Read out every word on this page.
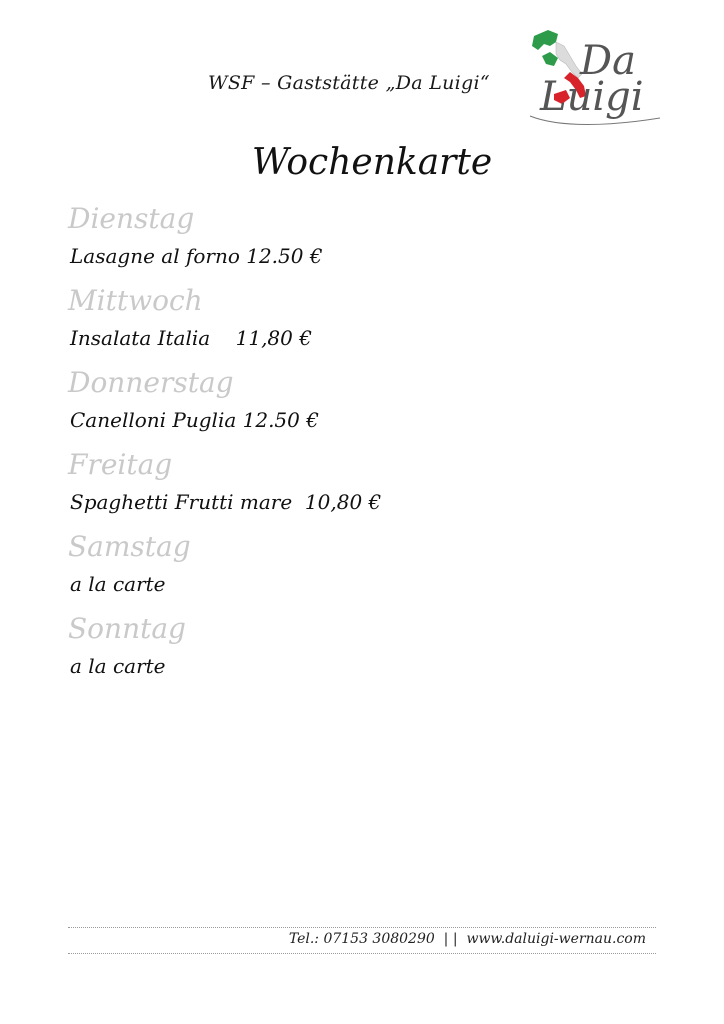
WSF – Gaststätte „Da Luigi“ Da
Luigi
Wochenkarte
Dienstag
Lasagne al forno 12.50 €
Mittwoch
Insalata Italia    11,80 €
Donnerstag
Canelloni Puglia 12.50 €
Freitag
Spaghetti Frutti mare  10,80 €
Samstag
a la carte
Sonntag
a la carte
Tel.: 07153 3080290  | |  www.daluigi-wernau.com
